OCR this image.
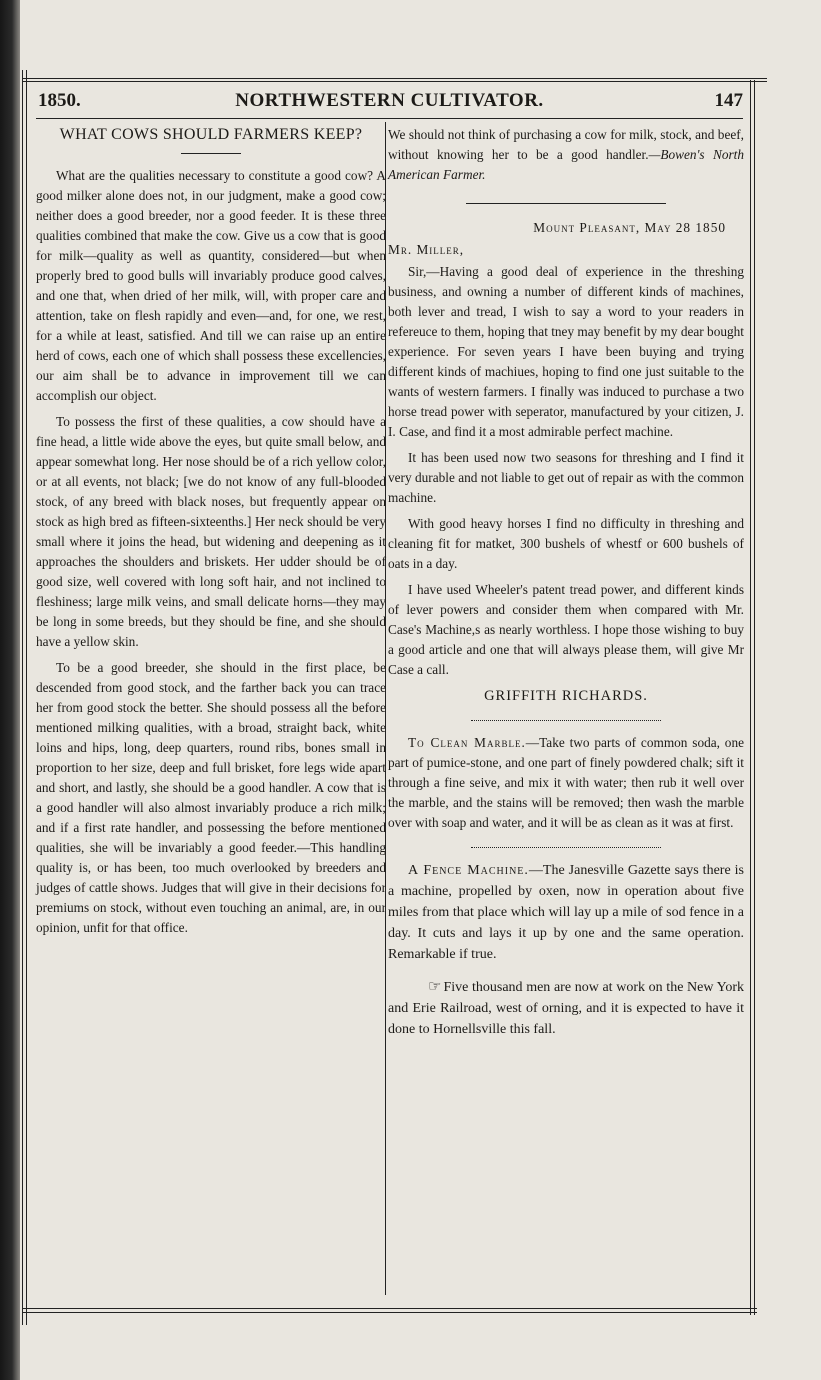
1850.	NORTHWESTERN CULTIVATOR.	147
WHAT COWS SHOULD FARMERS KEEP?

What are the qualities necessary to constitute a good cow? A good milker alone does not, in our judgment, make a good cow; neither does a good breeder, nor a good feeder. It is these three qualities combined that make the cow. Give us a cow that is good for milk—quality as well as quantity, considered—but when properly bred to good bulls will invariably produce good calves, and one that, when dried of her milk, will, with proper care and attention, take on flesh rapidly and even—and, for one, we rest, for a while at least, satisfied. And till we can raise up an entire herd of cows, each one of which shall possess these excellencies, our aim shall be to advance in improvement till we can accomplish our object.

To possess the first of these qualities, a cow should have a fine head, a little wide above the eyes, but quite small below, and appear somewhat long. Her nose should be of a rich yellow color, or at all events, not black; [we do not know of any full-blooded stock, of any breed with black noses, but frequently appear on stock as high bred as fifteen-sixteenths.] Her neck should be very small where it joins the head, but widening and deepening as it approaches the shoulders and briskets. Her udder should be of good size, well covered with long soft hair, and not inclined to fleshiness; large milk veins, and small delicate horns—they may be long in some breeds, but they should be fine, and she should have a yellow skin.

To be a good breeder, she should in the first place, be descended from good stock, and the farther back you can trace her from good stock the better. She should possess all the before mentioned milking qualities, with a broad, straight back, white loins and hips, long, deep quarters, round ribs, bones small in proportion to her size, deep and full brisket, fore legs wide apart and short, and lastly, she should be a good handler. A cow that is a good handler will also almost invariably produce a rich milk; and if a first rate handler, and possessing the before mentioned qualities, she will be invariably a good feeder.—This handling quality is, or has been, too much overlooked by breeders and judges of cattle shows. Judges that will give in their decisions for premiums on stock, without even touching an animal, are, in our opinion, unfit for that office.

We should not think of purchasing a cow for milk, stock, and beef, without knowing her to be a good handler.—Bowen's North American Farmer.

Mount Pleasant, May 28 1850
Mr. Miller,

Sir,—Having a good deal of experience in the threshing business, and owning a number of different kinds of machines, both lever and tread, I wish to say a word to your readers in refereuce to them, hoping that tney may benefit by my dear bought experience. For seven years I have been buying and trying different kinds of machiues, hoping to find one just suitable to the wants of western farmers. I finally was induced to purchase a two horse tread power with seperator, manufactured by your citizen, J. I. Case, and find it a most admirable perfect machine.

It has been used now two seasons for threshing and I find it very durable and not liable to get out of repair as with the common machine.

With good heavy horses I find no difficulty in threshing and cleaning fit for matket, 300 bushels of whestf or 600 bushels of oats in a day.

I have used Wheeler's patent tread power, and different kinds of lever powers and consider them when compared with Mr. Case's Machine,s as nearly worthless. I hope those wishing to buy a good article and one that will always please them, will give Mr Case a call.

GRIFFITH RICHARDS.

To Clean Marble.—Take two parts of common soda, one part of pumice-stone, and one part of finely powdered chalk; sift it through a fine seive, and mix it with water; then rub it well over the marble, and the stains will be removed; then wash the marble over with soap and water, and it will be as clean as it was at first.

A Fence Machine.—The Janesville Gazette says there is a machine, propelled by oxen, now in operation about five miles from that place which will lay up a mile of sod fence in a day. It cuts and lays it up by one and the same operation. Remarkable if true.

☞ Five thousand men are now at work on the New York and Erie Railroad, west of orning, and it is expected to have it done to Hornellsville this fall.
